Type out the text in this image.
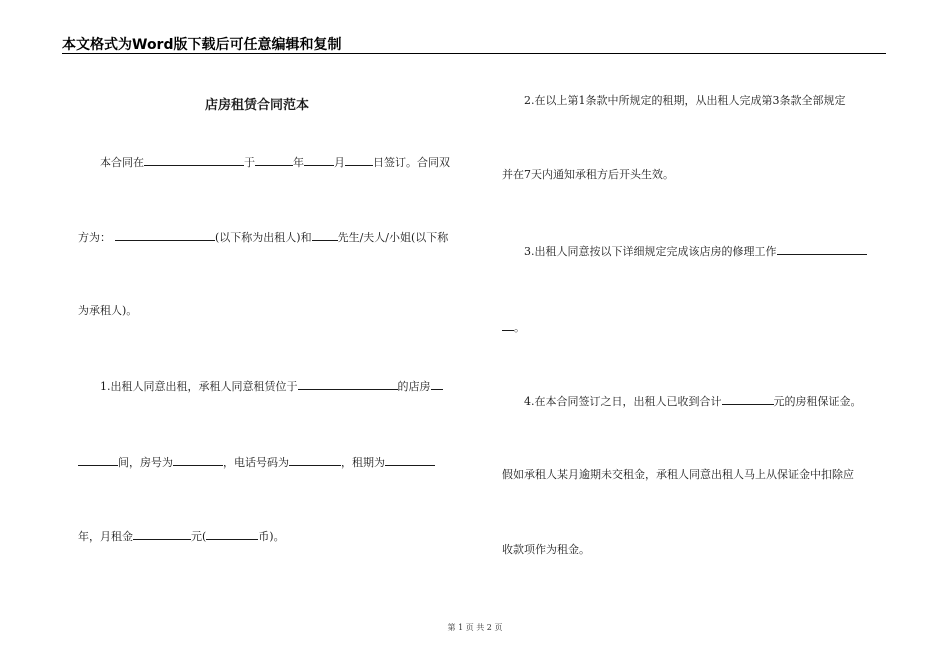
本文格式为Word版下载后可任意编辑和复制
店房租赁合同范本
本合同在	于	年	月	日签订。合同双
方为：	(以下称为出租人)和 先生/夫人/小姐(以下称
为承租人)。
1.出租人同意出租，承租人同意租赁位于	的店房
间，房号为	，电话号码为	，租期为
年，月租金	元(	币)。
2.在以上第1条款中所规定的租期，从出租人完成第3条款全部规定
并在7天内通知承租方后开头生效。
3.出租人同意按以下详细规定完成该店房的修理工作
。
4.在本合同签订之日，出租人已收到合计	元的房租保证金。
假如承租人某月逾期未交租金，承租人同意出租人马上从保证金中扣除应
收款项作为租金。
第 1 页 共 2 页
